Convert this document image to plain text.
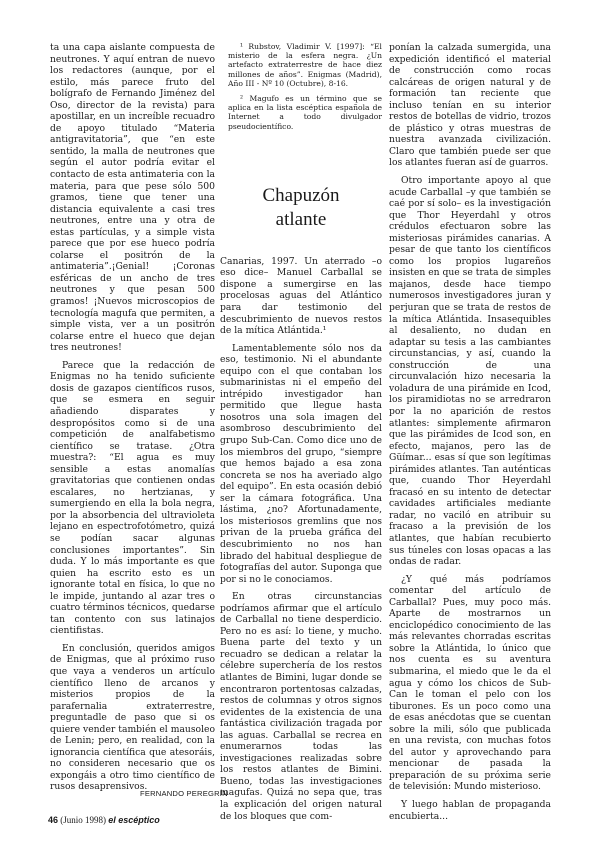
ta una capa aislante compuesta de neutrones. Y aquí entran de nuevo los redactores (aunque, por el estilo, más parece fruto del bolígrafo de Fernando Jiménez del Oso, director de la revista) para apostillar, en un increíble recuadro de apoyo titulado “Materia antigravitatoria”, que “en este sentido, la malla de neutrones que según el autor podría evitar el contacto de esta antimateria con la materia, para que pese sólo 500 gramos, tiene que tener una distancia equivalente a casi tres neutrones, entre una y otra de estas partículas, y a simple vista parece que por ese hueco podría colarse el positrón de la antimateria”.¡Genial! ¡Coronas esféricas de un ancho de tres neutrones y que pesan 500 gramos! ¡Nuevos microscopios de tecnología magufa que permiten, a simple vista, ver a un positrón colarse entre el hueco que dejan tres neutrones!

Parece que la redacción de Enigmas no ha tenido suficiente dosis de gazapos científicos rusos, que se esmera en seguir añadiendo disparates y despropósitos como si de una competición de analfabetismo científico se tratase. ¿Otra muestra?: “El agua es muy sensible a estas anomalías gravitatorias que contienen ondas escalares, no hertzianas, y sumergiendo en ella la bola negra, por la absorbencia del ultravioleta lejano en espectrofotómetro, quizá se podían sacar algunas conclusiones importantes”. Sin duda. Y lo más importante es que quien ha escrito esto es un ignorante total en física, lo que no le impide, juntando al azar tres o cuatro términos técnicos, quedarse tan contento con sus latinajos cientifistas.

En conclusión, queridos amigos de Enigmas, que al próximo ruso que vaya a venderos un artículo científico lleno de arcanos y misterios propios de la parafernalia extraterrestre, preguntadle de paso que si os quiere vender también el mausoleo de Lenin; pero, en realidad, con la ignorancia científica que atesoráis, no consideren necesario que os expongáis a otro timo científico de rusos desaprensivos.

¹ Rubstov, Vladimir V. [1997]: “El misterio de la esfera negra. ¿Un artefacto extraterrestre de hace diez millones de años”. Enigmas (Madrid), Año III - Nº 10 (Octubre), 8-16.

² Magufo es un término que se aplica en la lista escéptica española de Internet a todo divulgador pseudocientífico.

Chapuzón
atlante

Canarias, 1997. Un aterrado –o eso dice– Manuel Carballal se dispone a sumergirse en las procelosas aguas del Atlántico para dar testimonio del descubrimiento de nuevos restos de la mítica Atlántida.¹

Lamentablemente sólo nos da eso, testimonio. Ni el abundante equipo con el que contaban los submarinistas ni el empeño del intrépido investigador han permitido que llegue hasta nosotros una sola imagen del asombroso descubrimiento del grupo Sub-Can. Como dice uno de los miembros del grupo, “siempre que hemos bajado a esa zona concreta se nos ha averiado algo del equipo”. En esta ocasión debió ser la cámara fotográfica. Una lástima, ¿no? Afortunadamente, los misteriosos gremlins que nos privan de la prueba gráfica del descubrimiento no nos han librado del habitual despliegue de fotografías del autor. Suponga que por si no le conociamos.

En otras circunstancias podríamos afirmar que el artículo de Carballal no tiene desperdicio. Pero no es así: lo tiene, y mucho. Buena parte del texto y un recuadro se dedican a relatar la célebre superchería de los restos atlantes de Bimini, lugar donde se encontraron portentosas calzadas, restos de columnas y otros signos evidentes de la existencia de una fantástica civilización tragada por las aguas. Carballal se recrea en enumerarnos todas las investigaciones realizadas sobre los restos atlantes de Bimini. Bueno, todas las investigaciones magufas. Quizá no sepa que, tras la explicación del origen natural de los bloques que com-

ponían la calzada sumergida, una expedición identificó el material de construcción como rocas calcáreas de origen natural y de formación tan reciente que incluso tenían en su interior restos de botellas de vidrio, trozos de plástico y otras muestras de nuestra avanzada civilización. Claro que también puede ser que los atlantes fueran así de guarros.

Otro importante apoyo al que acude Carballal –y que también se caé por sí solo– es la investigación que Thor Heyerdahl y otros crédulos efectuaron sobre las misteriosas pirámides canarias. A pesar de que tanto los científicos como los propios lugareños insisten en que se trata de simples majanos, desde hace tiempo numerosos investigadores juran y perjuran que se trata de restos de la mítica Atlántida. Insasequibles al desaliento, no dudan en adaptar su tesis a las cambiantes circunstancias, y así, cuando la construcción de una circunvalación hizo necesaria la voladura de una pirámide en Icod, los piramidiotas no se arredraron por la no aparición de restos atlantes: simplemente afirmaron que las pirámides de Icod son, en efecto, majanos, pero las de Güímar... esas sí que son legítimas pirámides atlantes. Tan auténticas que, cuando Thor Heyerdahl fracasó en su intento de detectar cavidades artificiales mediante radar, no vaciló en atribuir su fracaso a la previsión de los atlantes, que habían recubierto sus túneles con losas opacas a las ondas de radar.

¿Y qué más podríamos comentar del artículo de Carballal? Pues, muy poco más. Aparte de mostrarnos un enciclopédico conocimiento de las más relevantes chorradas escritas sobre la Atlántida, lo único que nos cuenta es su aventura submarina, el miedo que le da el agua y cómo los chicos de Sub-Can le toman el pelo con los tiburones. Es un poco como una de esas anécdotas que se cuentan sobre la mili, sólo que publicada en una revista, con muchas fotos del autor y aprovechando para mencionar de pasada la preparación de su próxima serie de televisión: Mundo misterioso.

Y luego hablan de propaganda encubierta...

FERNANDO PEREGRÍN
46 (Junio 1998) el escéptico
